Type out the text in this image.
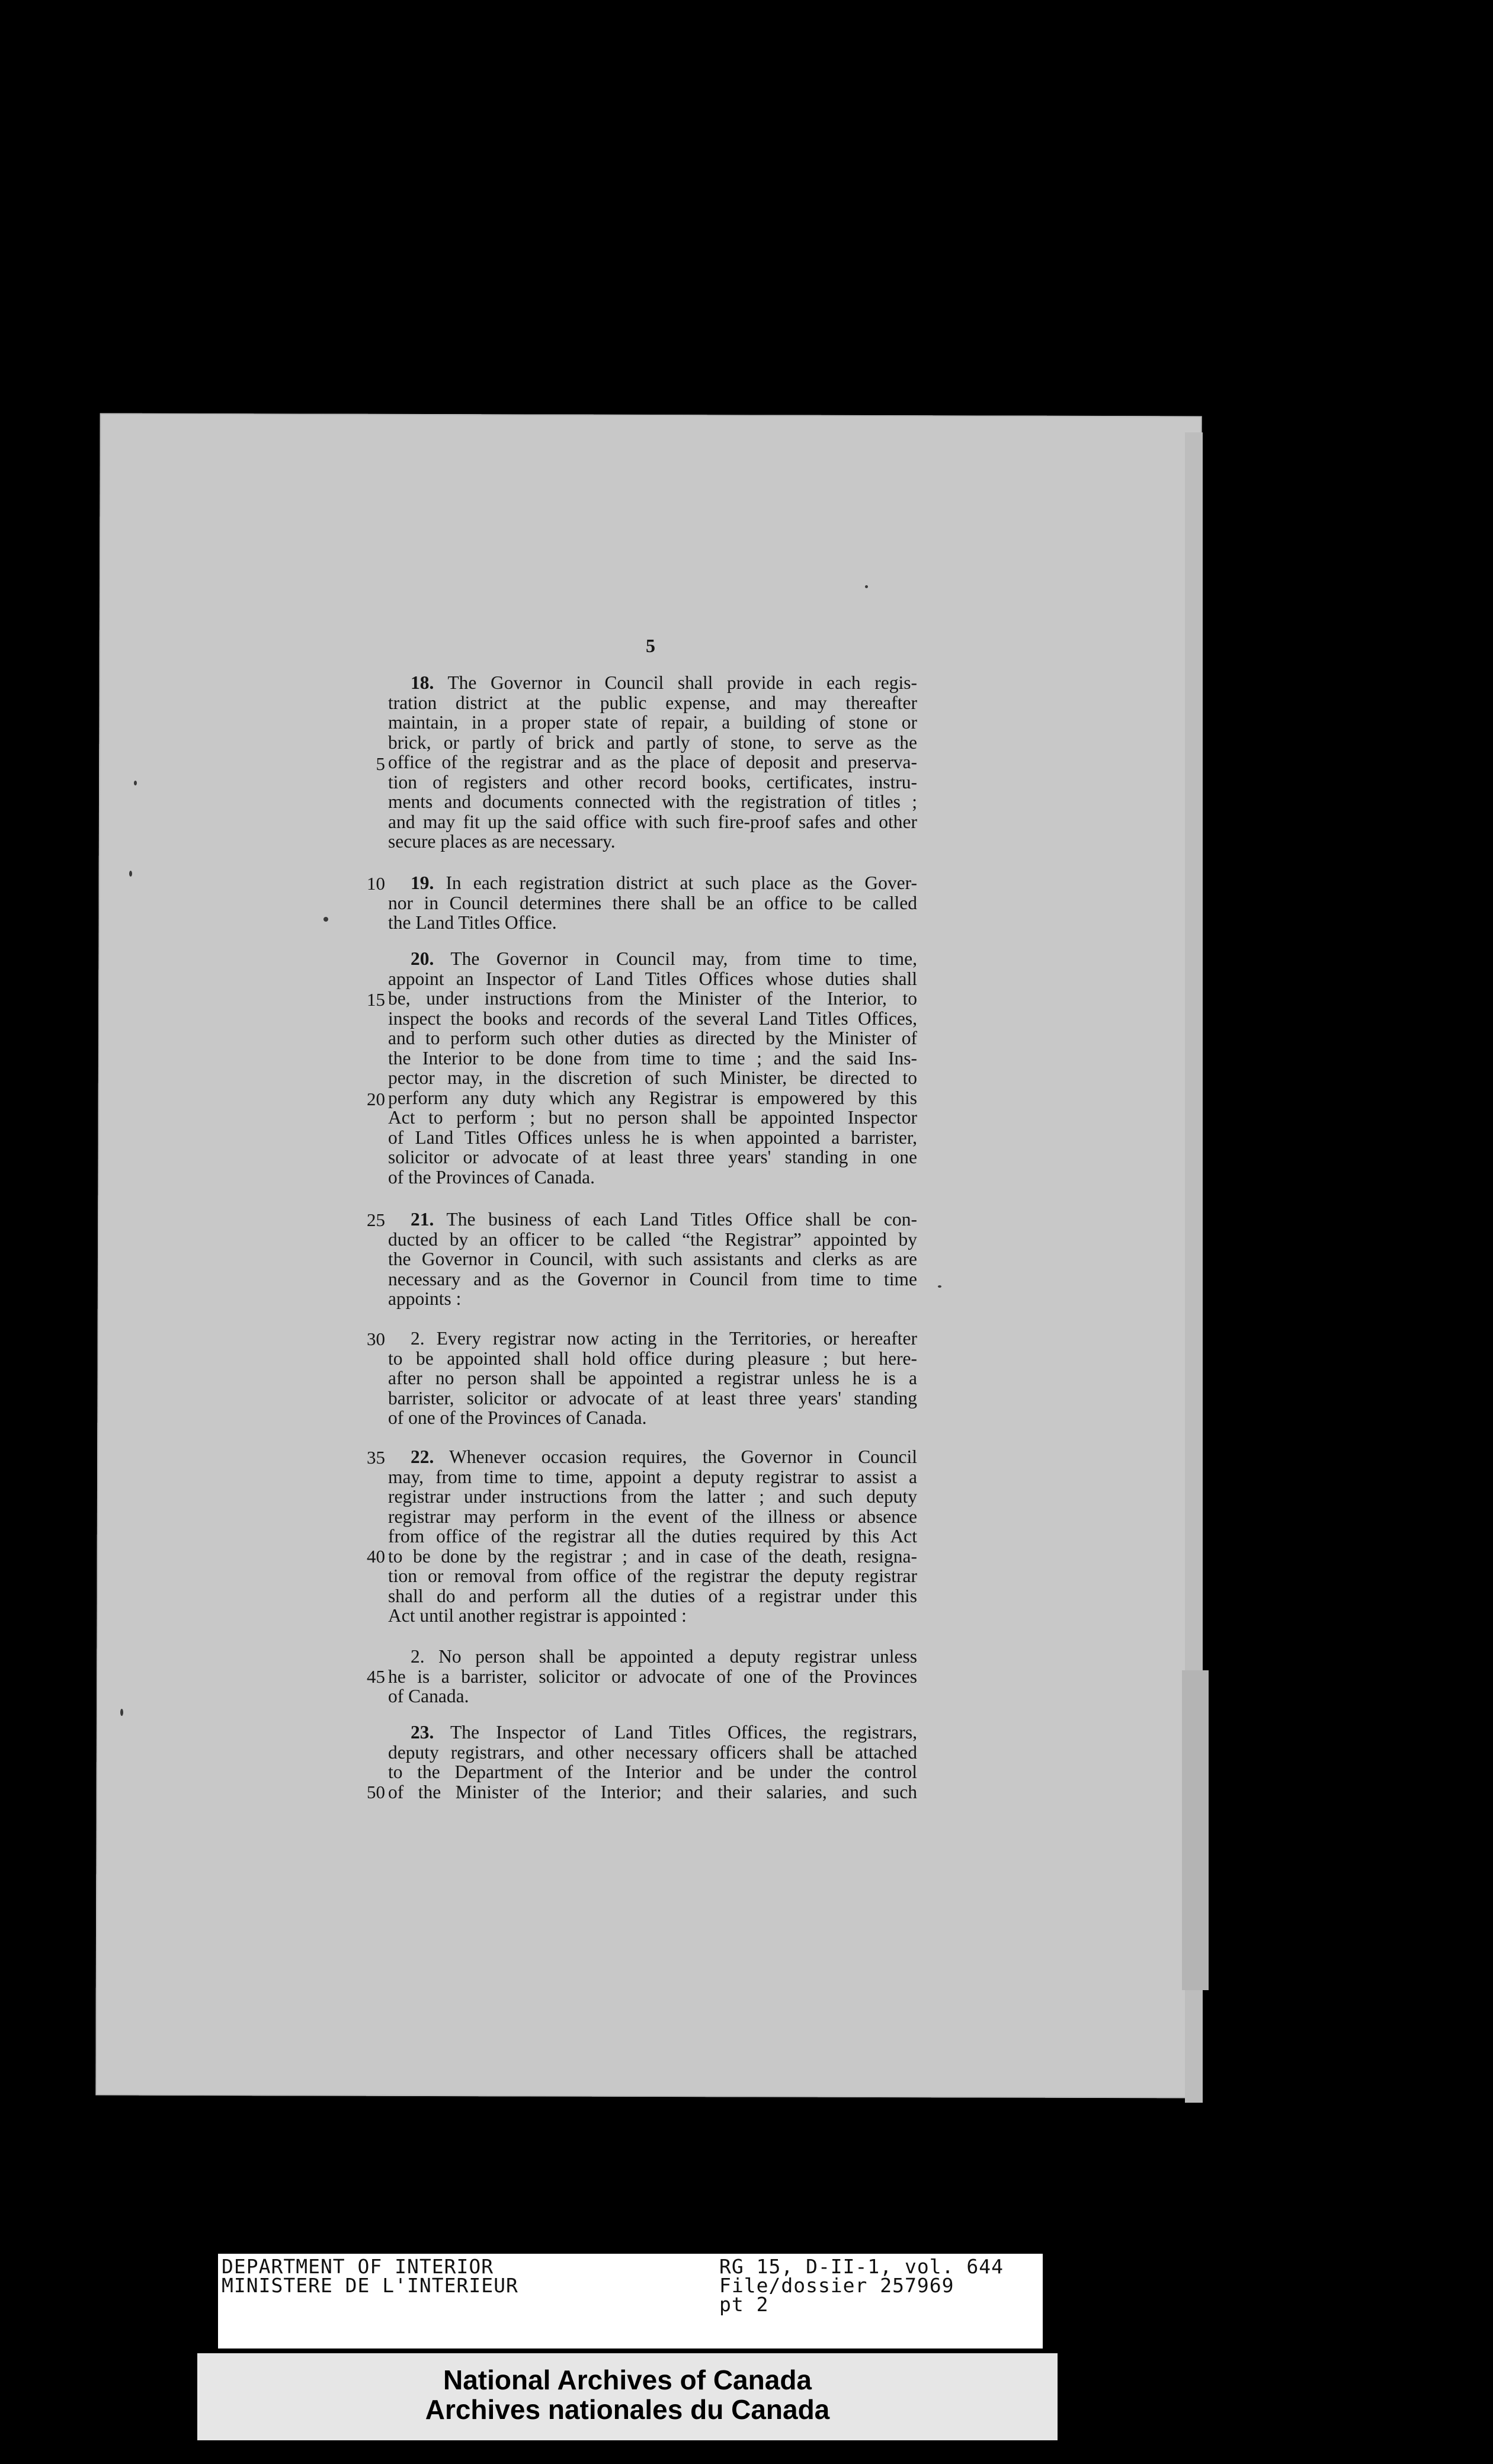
5
18. The Governor in Council shall provide in each regis-
tration district at the public expense, and may thereafter
maintain, in a proper state of repair, a building of stone or
brick, or partly of brick and partly of stone, to serve as the
office of the registrar and as the place of deposit and preserva-
tion of registers and other record books, certificates, instru-
ments and documents connected with the registration of titles ;
and may fit up the said office with such fire-proof safes and other
secure places as are necessary.
19. In each registration district at such place as the Gover-
nor in Council determines there shall be an office to be called
the Land Titles Office.
20. The Governor in Council may, from time to time,
appoint an Inspector of Land Titles Offices whose duties shall
be, under instructions from the Minister of the Interior, to
inspect the books and records of the several Land Titles Offices,
and to perform such other duties as directed by the Minister of
the Interior to be done from time to time ; and the said Ins-
pector may, in the discretion of such Minister, be directed to
perform any duty which any Registrar is empowered by this
Act to perform ; but no person shall be appointed Inspector
of Land Titles Offices unless he is when appointed a barrister,
solicitor or advocate of at least three years' standing in one
of the Provinces of Canada.
21. The business of each Land Titles Office shall be con-
ducted by an officer to be called “the Registrar” appointed by
the Governor in Council, with such assistants and clerks as are
necessary and as the Governor in Council from time to time
appoints :
2. Every registrar now acting in the Territories, or hereafter
to be appointed shall hold office during pleasure ; but here-
after no person shall be appointed a registrar unless he is a
barrister, solicitor or advocate of at least three years' standing
of one of the Provinces of Canada.
22. Whenever occasion requires, the Governor in Council
may, from time to time, appoint a deputy registrar to assist a
registrar under instructions from the latter ; and such deputy
registrar may perform in the event of the illness or absence
from office of the registrar all the duties required by this Act
to be done by the registrar ; and in case of the death, resigna-
tion or removal from office of the registrar the deputy registrar
shall do and perform all the duties of a registrar under this
Act until another registrar is appointed :
2. No person shall be appointed a deputy registrar unless
he is a barrister, solicitor or advocate of one of the Provinces
of Canada.
23. The Inspector of Land Titles Offices, the registrars,
deputy registrars, and other necessary officers shall be attached
to the Department of the Interior and be under the control
of the Minister of the Interior; and their salaries, and such
5
10
15
20
25
30
35
40
45
50
DEPARTMENT OF INTERIOR
MINISTERE DE L'INTERIEUR
RG 15, D-II-1, vol. 644
File/dossier 257969
pt 2
National Archives of Canada
Archives nationales du Canada
